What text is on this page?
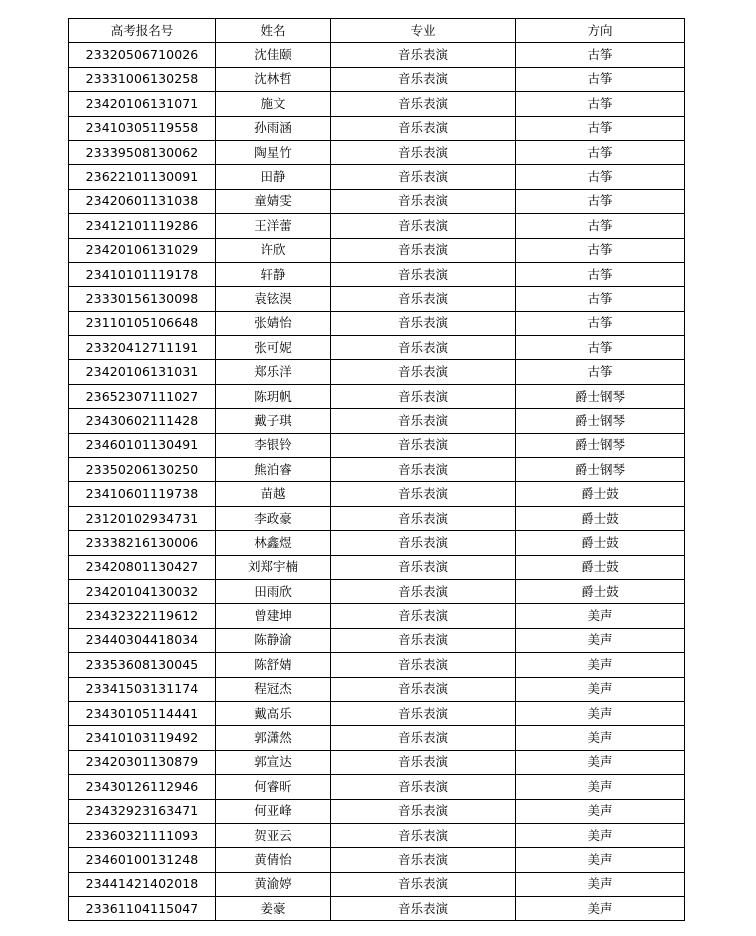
高考报名号	姓名	专业	方向
23320506710026	沈佳颐	音乐表演	古筝
23331006130258	沈林哲	音乐表演	古筝
23420106131071	施文	音乐表演	古筝
23410305119558	孙雨涵	音乐表演	古筝
23339508130062	陶星竹	音乐表演	古筝
23622101130091	田静	音乐表演	古筝
23420601131038	童婧雯	音乐表演	古筝
23412101119286	王洋蕾	音乐表演	古筝
23420106131029	许欣	音乐表演	古筝
23410101119178	轩静	音乐表演	古筝
23330156130098	袁铉淏	音乐表演	古筝
23110105106648	张婧怡	音乐表演	古筝
23320412711191	张可妮	音乐表演	古筝
23420106131031	郑乐洋	音乐表演	古筝
23652307111027	陈玥帆	音乐表演	爵士钢琴
23430602111428	戴子琪	音乐表演	爵士钢琴
23460101130491	李银铃	音乐表演	爵士钢琴
23350206130250	熊泊睿	音乐表演	爵士钢琴
23410601119738	苗越	音乐表演	爵士鼓
23120102934731	李政豪	音乐表演	爵士鼓
23338216130006	林鑫煜	音乐表演	爵士鼓
23420801130427	刘郑宇楠	音乐表演	爵士鼓
23420104130032	田雨欣	音乐表演	爵士鼓
23432322119612	曾建坤	音乐表演	美声
23440304418034	陈静渝	音乐表演	美声
23353608130045	陈舒婧	音乐表演	美声
23341503131174	程冠杰	音乐表演	美声
23430105114441	戴高乐	音乐表演	美声
23410103119492	郭潇然	音乐表演	美声
23420301130879	郭宣达	音乐表演	美声
23430126112946	何睿昕	音乐表演	美声
23432923163471	何亚峰	音乐表演	美声
23360321111093	贺亚云	音乐表演	美声
23460100131248	黄倩怡	音乐表演	美声
23441421402018	黄渝婷	音乐表演	美声
23361104115047	姜豪	音乐表演	美声
